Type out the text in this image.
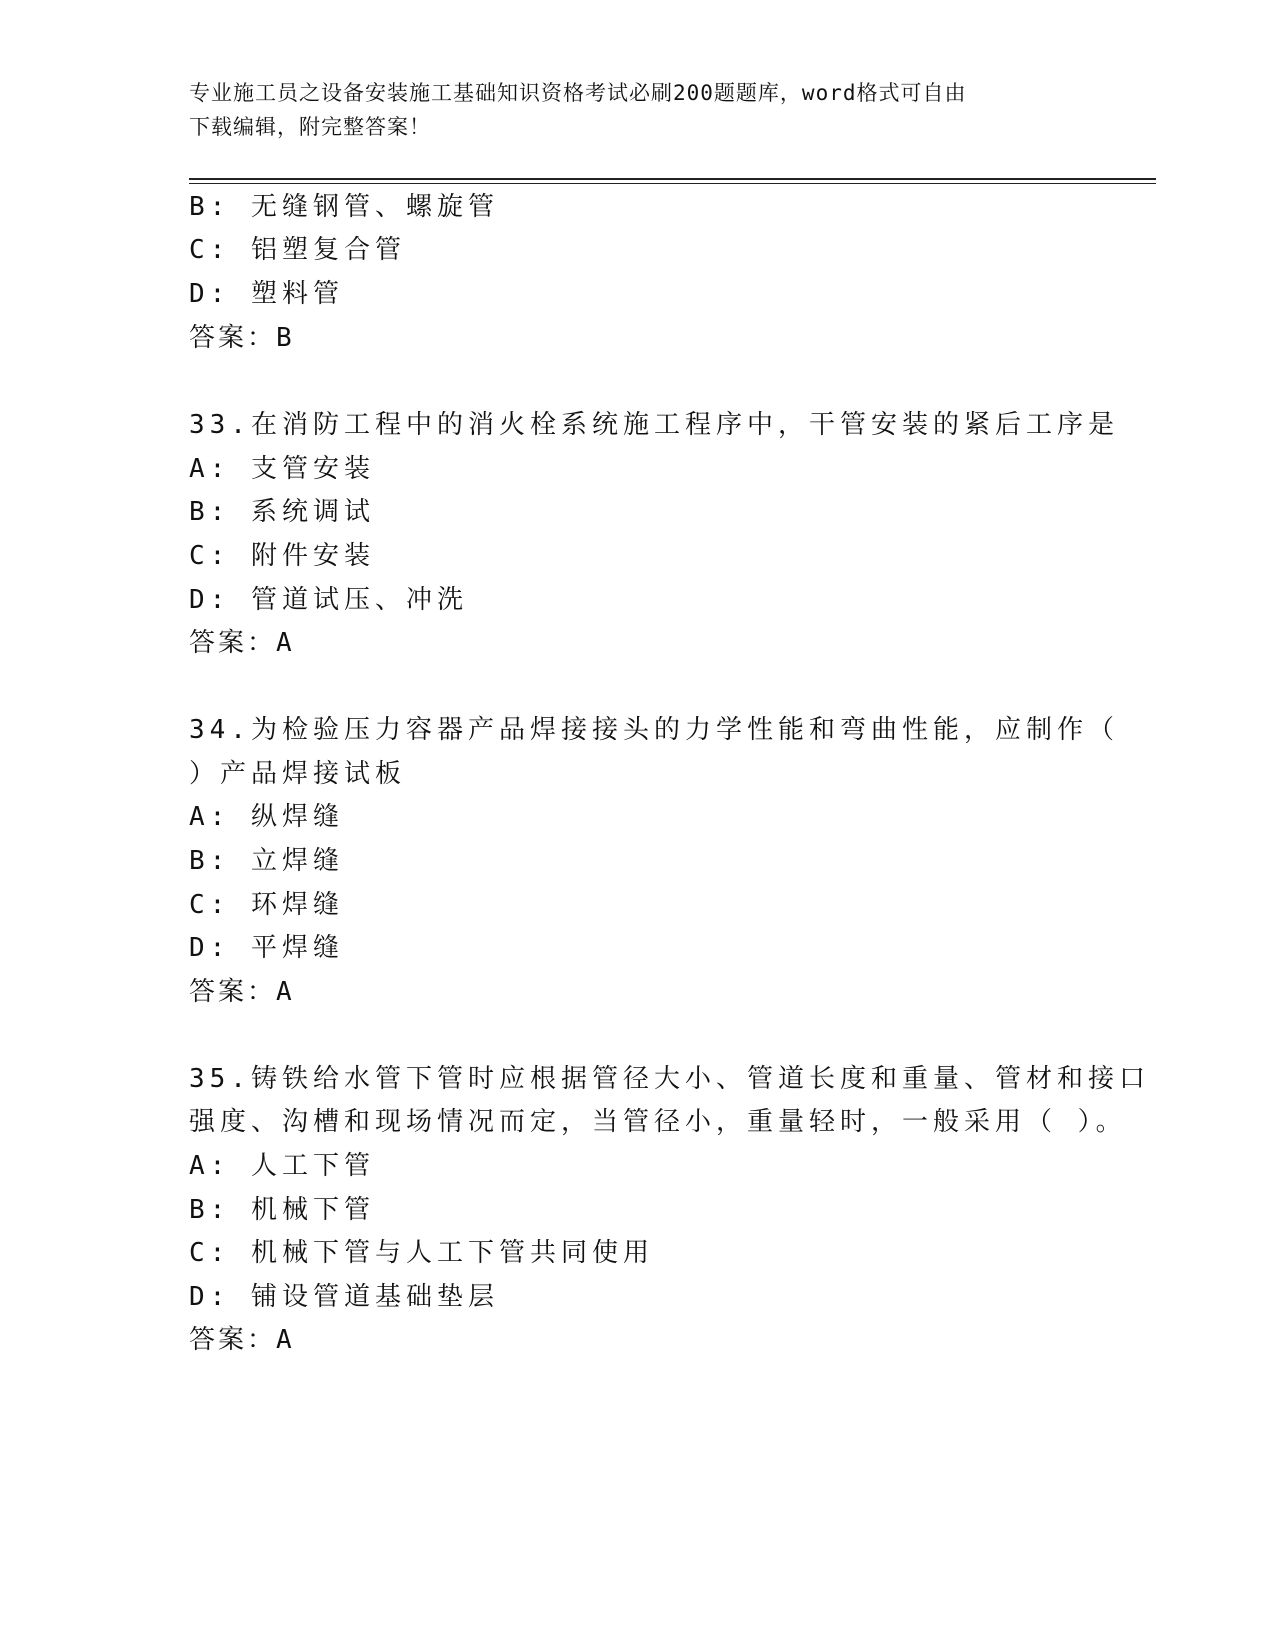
专业施工员之设备安装施工基础知识资格考试必刷200题题库，word格式可自由
下载编辑，附完整答案！
B: 无缝钢管、螺旋管
C: 铝塑复合管
D: 塑料管
答案：B
33.在消防工程中的消火栓系统施工程序中，干管安装的紧后工序是
A: 支管安装
B: 系统调试
C: 附件安装
D: 管道试压、冲洗
答案：A
34.为检验压力容器产品焊接接头的力学性能和弯曲性能，应制作（
）产品焊接试板
A: 纵焊缝
B: 立焊缝
C: 环焊缝
D: 平焊缝
答案：A
35.铸铁给水管下管时应根据管径大小、管道长度和重量、管材和接口
强度、沟槽和现场情况而定，当管径小，重量轻时，一般采用（ ）。
A: 人工下管
B: 机械下管
C: 机械下管与人工下管共同使用
D: 铺设管道基础垫层
答案：A
